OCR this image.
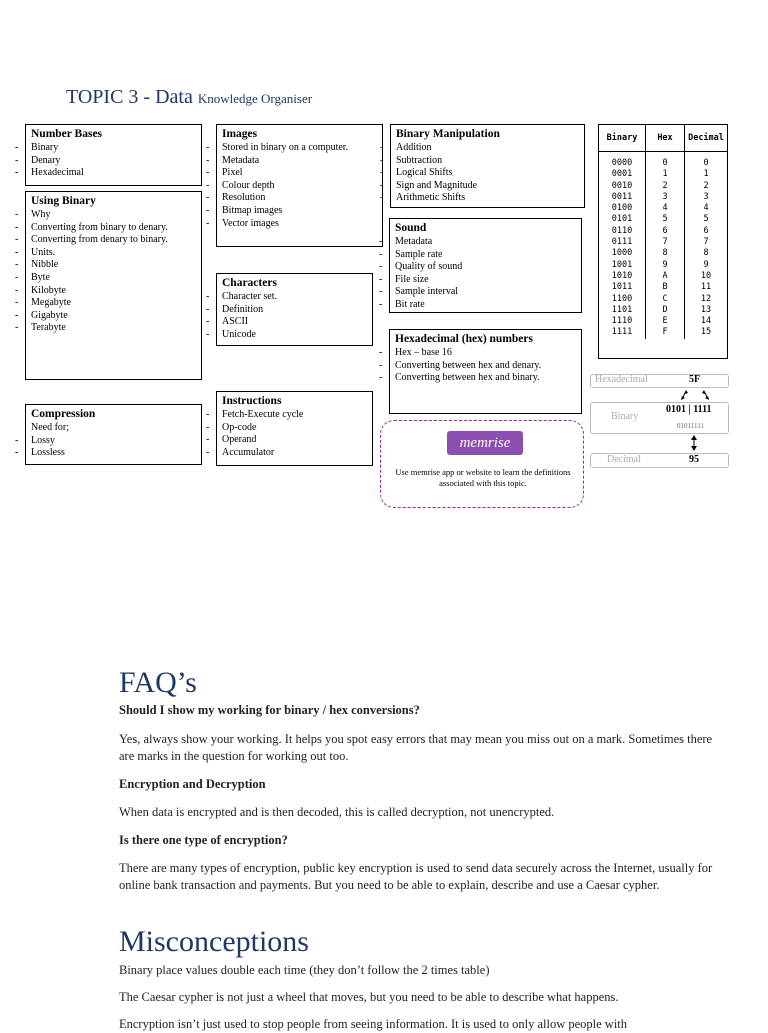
TOPIC 3 - Data Knowledge Organiser
Number Bases
- Binary
- Denary
- Hexadecimal
Using Binary
- Why
- Converting from binary to denary.
- Converting from denary to binary.
- Units.
- Nibble
- Byte
- Kilobyte
- Megabyte
- Gigabyte
- Terabyte
Compression
Need for;
- Lossy
- Lossless
Images
- Stored in binary on a computer.
- Metadata
- Pixel
- Colour depth
- Resolution
- Bitmap images
- Vector images
Characters
- Character set.
- Definition
- ASCII
- Unicode
Instructions
- Fetch-Execute cycle
- Op-code
- Operand
- Accumulator
Binary Manipulation
- Addition
- Subtraction
- Logical Shifts
- Sign and Magnitude
- Arithmetic Shifts
Sound
- Metadata
- Sample rate
- Quality of sound
- File size
- Sample interval
- Bit rate
Hexadecimal (hex) numbers
- Hex – base 16
- Converting between hex and denary.
- Converting between hex and binary.
Binary	Hex	Decimal
0000	0	0
0001	1	1
0010	2	2
0011	3	3
0100	4	4
0101	5	5
0110	6	6
0111	7	7
1000	8	8
1001	9	9
1010	A	10
1011	B	11
1100	C	12
1101	D	13
1110	E	14
1111	F	15
Hexadecimal	5F
Binary
0101 | 1111
01011111
Decimal	95
memrise
Use memrise app or website to learn the definitions associated with this topic.
FAQ’s

Should I show my working for binary / hex conversions?

Yes, always show your working. It helps you spot easy errors that may mean you miss out on a mark. Sometimes there are marks in the question for working out too.

Encryption and Decryption

When data is encrypted and is then decoded, this is called decryption, not unencrypted.

Is there one type of encryption?

There are many types of encryption, public key encryption is used to send data securely across the Internet, usually for online bank transaction and payments. But you need to be able to explain, describe and use a Caesar cypher.

Misconceptions

Binary place values double each time (they don’t follow the 2 times table)

The Caesar cypher is not just a wheel that moves, but you need to be able to describe what happens.

Encryption isn’t just used to stop people from seeing information. It is used to only allow people with
